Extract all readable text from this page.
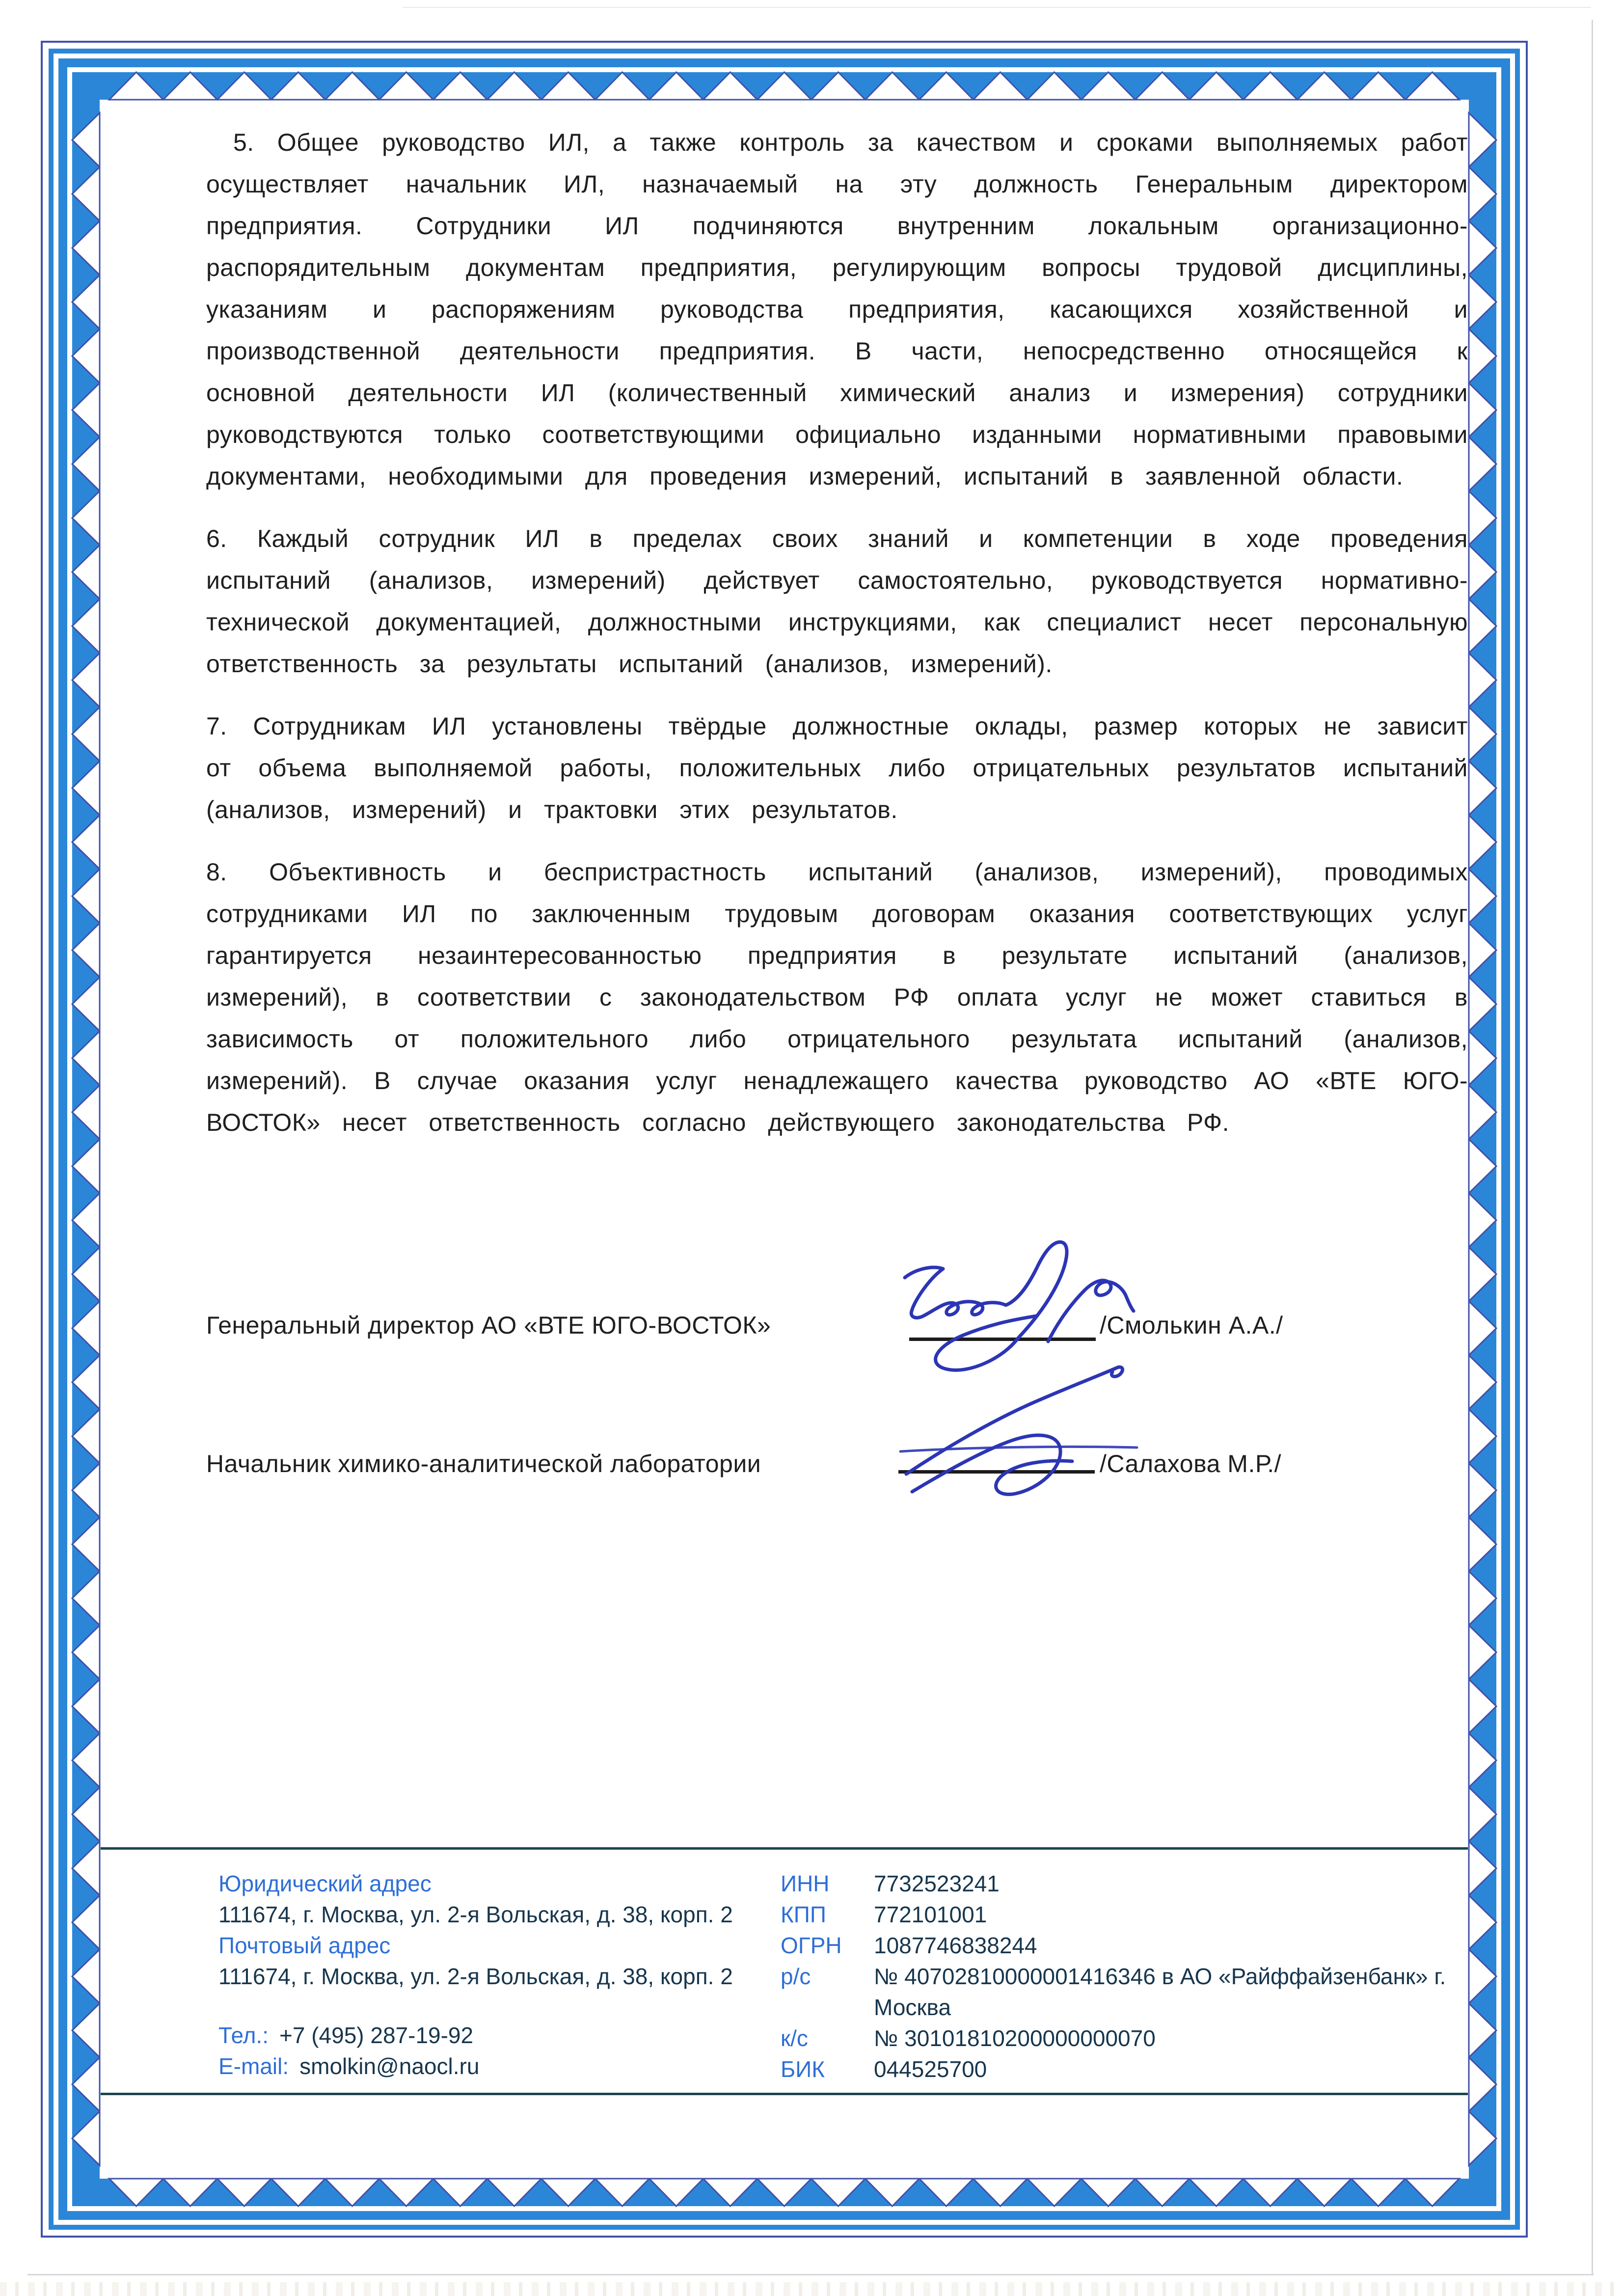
5. Общее руководство ИЛ, а также контроль за качеством и сроками выполняемых работ осуществляет начальник ИЛ, назначаемый на эту должность Генеральным директором предприятия. Сотрудники ИЛ подчиняются внутренним локальным организационно- распорядительным документам предприятия, регулирующим вопросы трудовой дисциплины, указаниям и распоряжениям руководства предприятия, касающихся хозяйственной и производственной деятельности предприятия. В части, непосредственно относящейся к основной деятельности ИЛ (количественный химический анализ и измерения) сотрудники руководствуются только соответствующими официально изданными нормативными правовыми документами, необходимыми для проведения измерений, испытаний в заявленной области.

6. Каждый сотрудник ИЛ в пределах своих знаний и компетенции в ходе проведения испытаний (анализов, измерений) действует самостоятельно, руководствуется нормативно- технической документацией, должностными инструкциями, как специалист несет персональную ответственность за результаты испытаний (анализов, измерений).

7. Сотрудникам ИЛ установлены твёрдые должностные оклады, размер которых не зависит от объема выполняемой работы, положительных либо отрицательных результатов испытаний (анализов, измерений) и трактовки этих результатов.

8. Объективность и беспристрастность испытаний (анализов, измерений), проводимых сотрудниками ИЛ по заключенным трудовым договорам оказания соответствующих услуг гарантируется незаинтересованностью предприятия в результате испытаний (анализов, измерений), в соответствии с законодательством РФ оплата услуг не может ставиться в зависимость от положительного либо отрицательного результата испытаний (анализов, измерений). В случае оказания услуг ненадлежащего качества руководство АО «ВТЕ ЮГО-ВОСТОК» несет ответственность согласно действующего законодательства РФ.

Генеральный директор АО «ВТЕ ЮГО-ВОСТОК»	/Смолькин А.А./
Начальник химико-аналитической лаборатории	/Салахова М.Р./
Юридический адрес
111674, г. Москва, ул. 2-я Вольская, д. 38, корп. 2
Почтовый адрес
111674, г. Москва, ул. 2-я Вольская, д. 38, корп. 2
Тел.: +7 (495) 287-19-92
E-mail: smolkin@naocl.ru
ИНН	7732523241
КПП	772101001
ОГРН	1087746838244
р/с	№ 40702810000001416346 в АО «Райффайзенбанк» г. Москва
к/с	№ 30101810200000000070
БИК	044525700
